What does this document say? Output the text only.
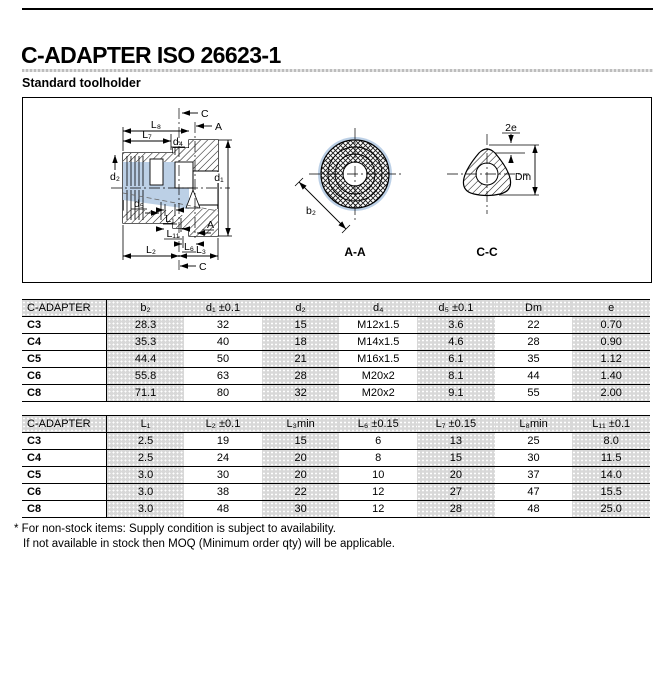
C-ADAPTER ISO 26623-1
Standard toolholder
C
A
L₈
L₇
d₄
d₂	d₁
d₅
L₁
L₁₁
L₆
A
L₂	L₃
C
b₂
A-A
2e
Dm
C-C
C-ADAPTER	b₂	d₁ ±0.1	d₂	d₄	d₅ ±0.1	Dm	e
C3	28.3	32	15	M12x1.5	3.6	22	0.70
C4	35.3	40	18	M14x1.5	4.6	28	0.90
C5	44.4	50	21	M16x1.5	6.1	35	1.12
C6	55.8	63	28	M20x2	8.1	44	1.40
C8	71.1	80	32	M20x2	9.1	55	2.00
C-ADAPTER	L₁	L₂ ±0.1	L₃min	L₆ ±0.15	L₇ ±0.15	L₈min	L₁₁ ±0.1
C3	2.5	19	15	6	13	25	8.0
C4	2.5	24	20	8	15	30	11.5
C5	3.0	30	20	10	20	37	14.0
C6	3.0	38	22	12	27	47	15.5
C8	3.0	48	30	12	28	48	25.0
* For non-stock items: Supply condition is subject to availability.
If not available in stock then MOQ (Minimum order qty) will be applicable.
